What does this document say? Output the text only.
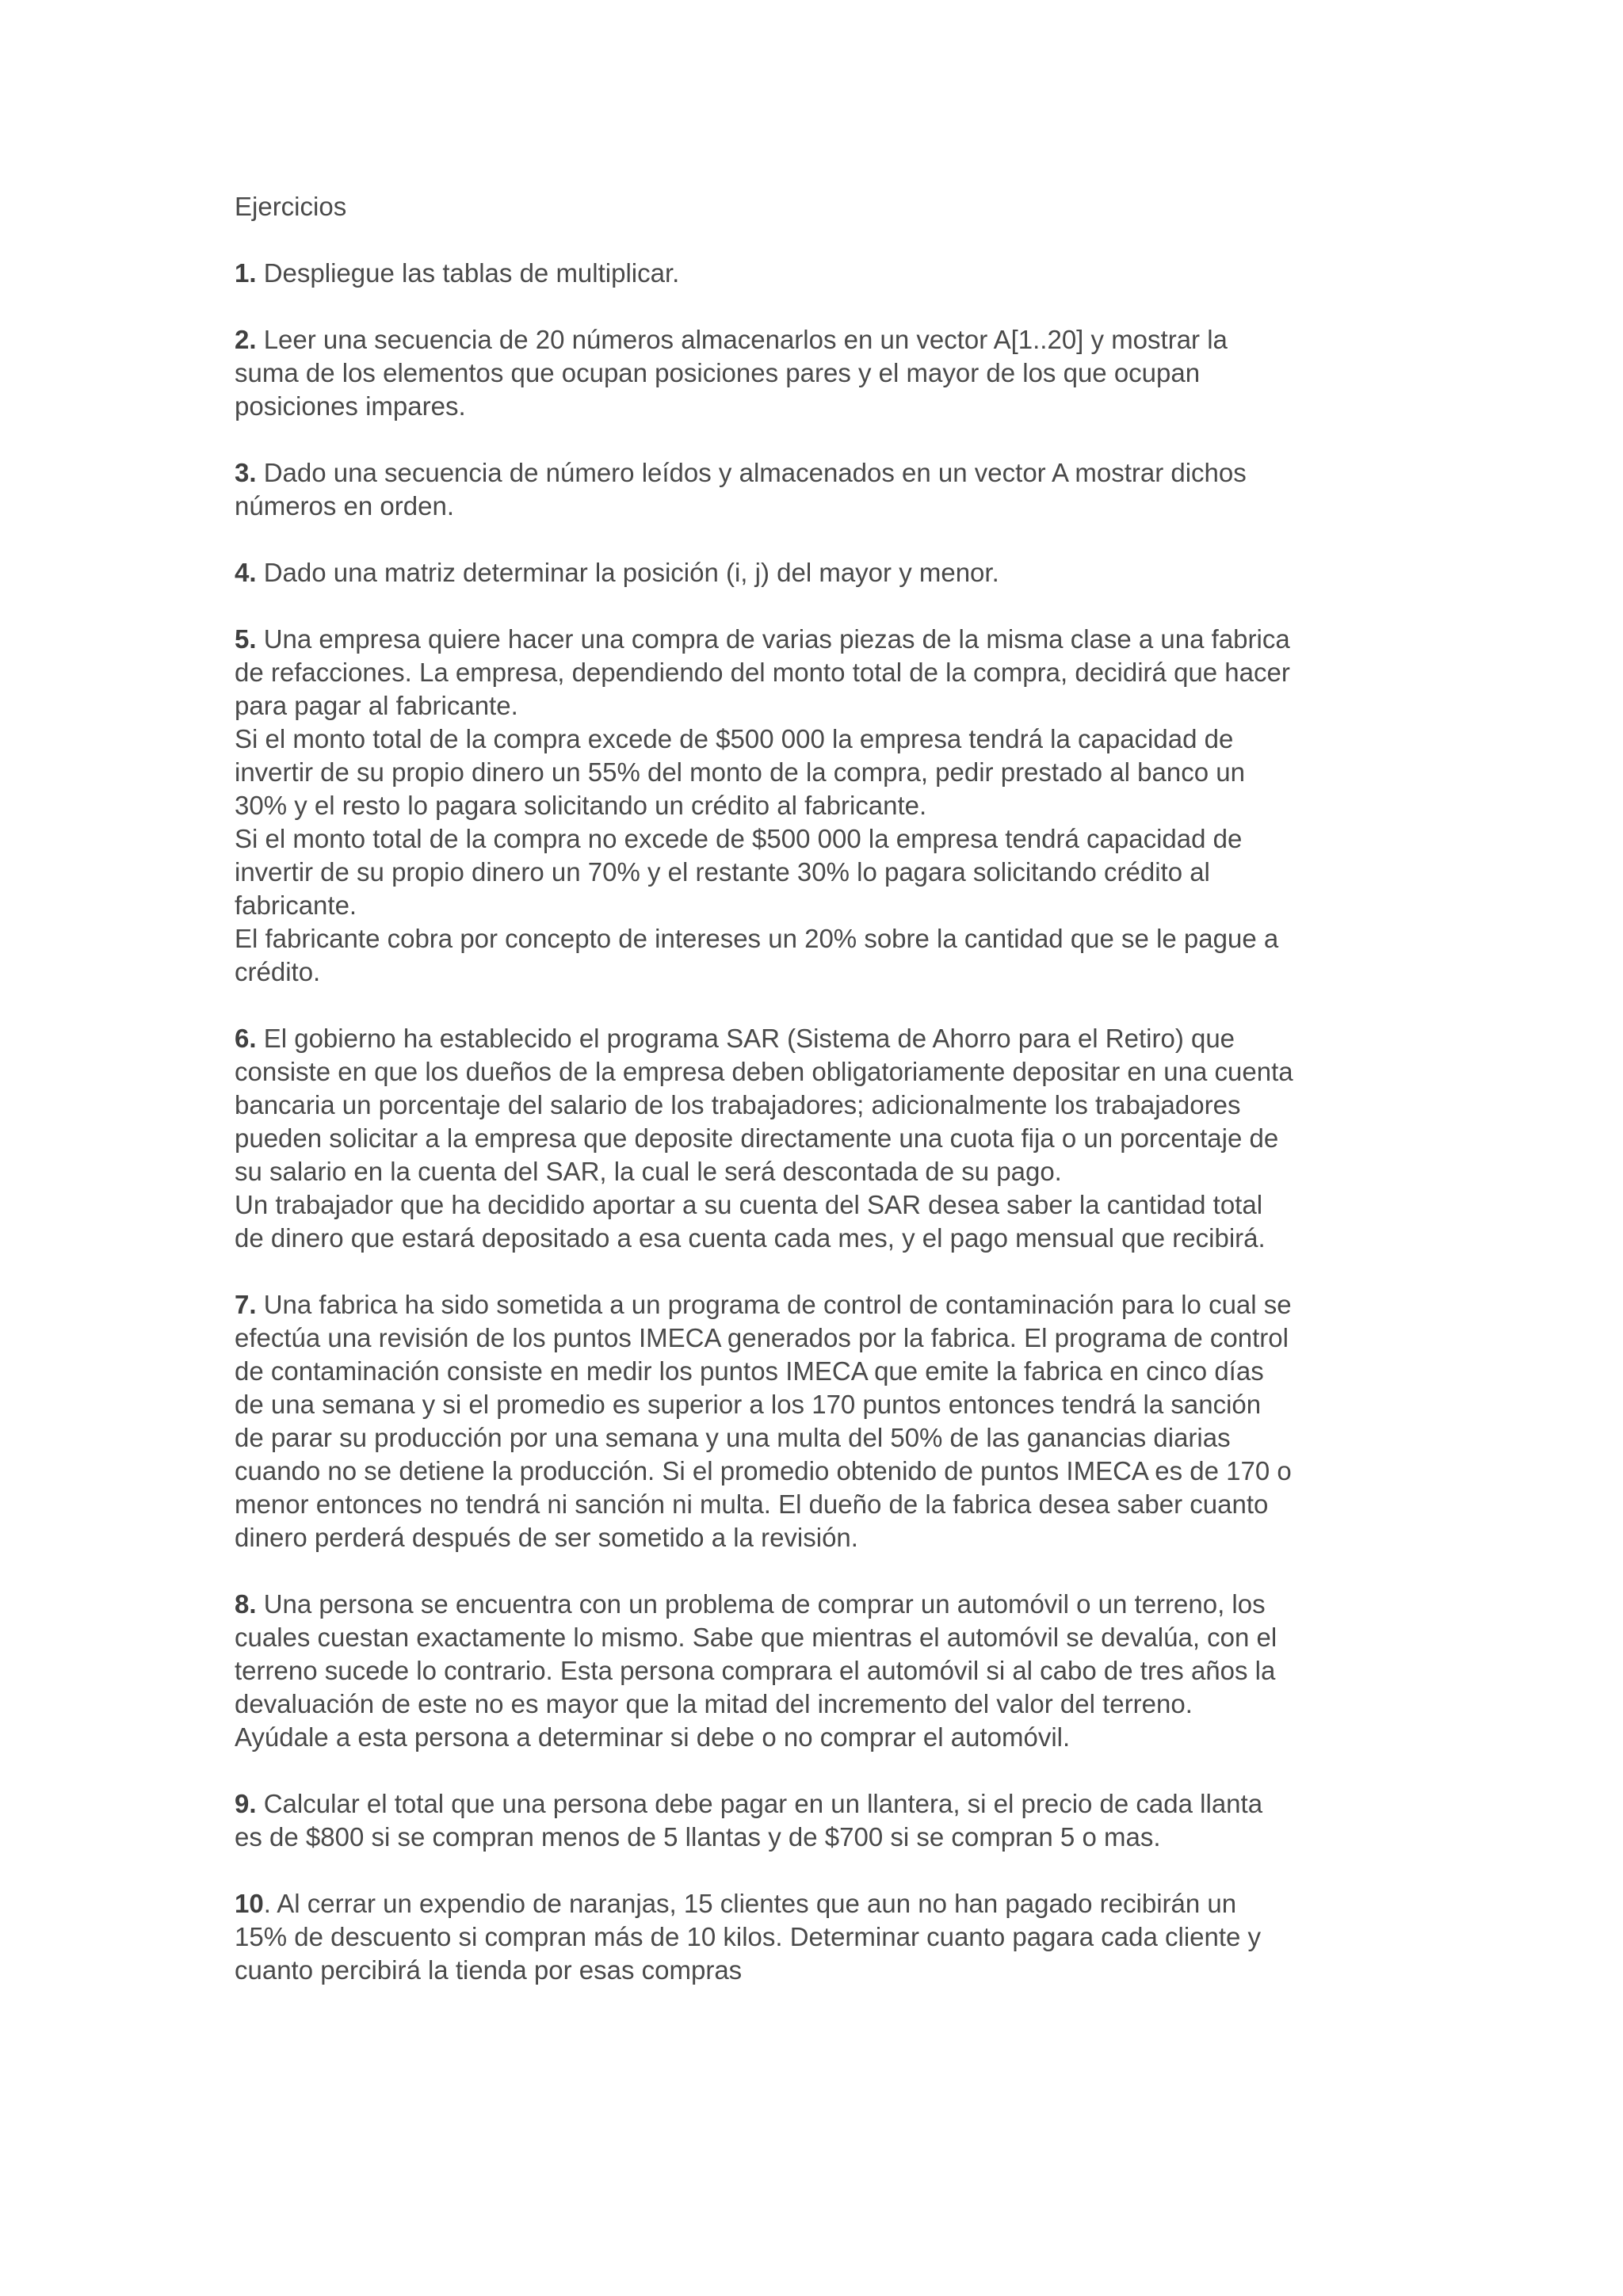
Ejercicios
1. Despliegue las tablas de multiplicar.
2. Leer una secuencia de 20 números almacenarlos en un vector A[1..20] y mostrar la
suma de los elementos que ocupan posiciones pares y el mayor de los que ocupan
posiciones impares.
3. Dado una secuencia de número leídos y almacenados en un vector A mostrar dichos
números en orden.
4. Dado una matriz determinar la posición (i, j) del mayor y menor.
5. Una empresa quiere hacer una compra de varias piezas de la misma clase a una fabrica
de refacciones. La empresa, dependiendo del monto total de la compra, decidirá que hacer
para pagar al fabricante.
Si el monto total de la compra excede de $500 000 la empresa tendrá la capacidad de
invertir de su propio dinero un 55% del monto de la compra, pedir prestado al banco un
30% y el resto lo pagara solicitando un crédito al fabricante.
Si el monto total de la compra no excede de $500 000 la empresa tendrá capacidad de
invertir de su propio dinero un 70% y el restante 30% lo pagara solicitando crédito al
fabricante.
El fabricante cobra por concepto de intereses un 20% sobre la cantidad que se le pague a
crédito.
6. El gobierno ha establecido el programa SAR (Sistema de Ahorro para el Retiro) que
consiste en que los dueños de la empresa deben obligatoriamente depositar en una cuenta
bancaria un porcentaje del salario de los trabajadores; adicionalmente los trabajadores
pueden solicitar a la empresa que deposite directamente una cuota fija o un porcentaje de
su salario en la cuenta del SAR, la cual le será descontada de su pago.
Un trabajador que ha decidido aportar a su cuenta del SAR desea saber la cantidad total
de dinero que estará depositado a esa cuenta cada mes, y el pago mensual que recibirá.
7. Una fabrica ha sido sometida a un programa de control de contaminación para lo cual se
efectúa una revisión de los puntos IMECA generados por la fabrica. El programa de control
de contaminación consiste en medir los puntos IMECA que emite la fabrica en cinco días
de una semana y si el promedio es superior a los 170 puntos entonces tendrá la sanción
de parar su producción por una semana y una multa del 50% de las ganancias diarias
cuando no se detiene la producción. Si el promedio obtenido de puntos IMECA es de 170 o
menor entonces no tendrá ni sanción ni multa. El dueño de la fabrica desea saber cuanto
dinero perderá después de ser sometido a la revisión.
8. Una persona se encuentra con un problema de comprar un automóvil o un terreno, los
cuales cuestan exactamente lo mismo. Sabe que mientras el automóvil se devalúa, con el
terreno sucede lo contrario. Esta persona comprara el automóvil si al cabo de tres años la
devaluación de este no es mayor que la mitad del incremento del valor del terreno.
Ayúdale a esta persona a determinar si debe o no comprar el automóvil.
9. Calcular el total que una persona debe pagar en un llantera, si el precio de cada llanta
es de $800 si se compran menos de 5 llantas y de $700 si se compran 5 o mas.
10. Al cerrar un expendio de naranjas, 15 clientes que aun no han pagado recibirán un
15% de descuento si compran más de 10 kilos. Determinar cuanto pagara cada cliente y
cuanto percibirá la tienda por esas compras
